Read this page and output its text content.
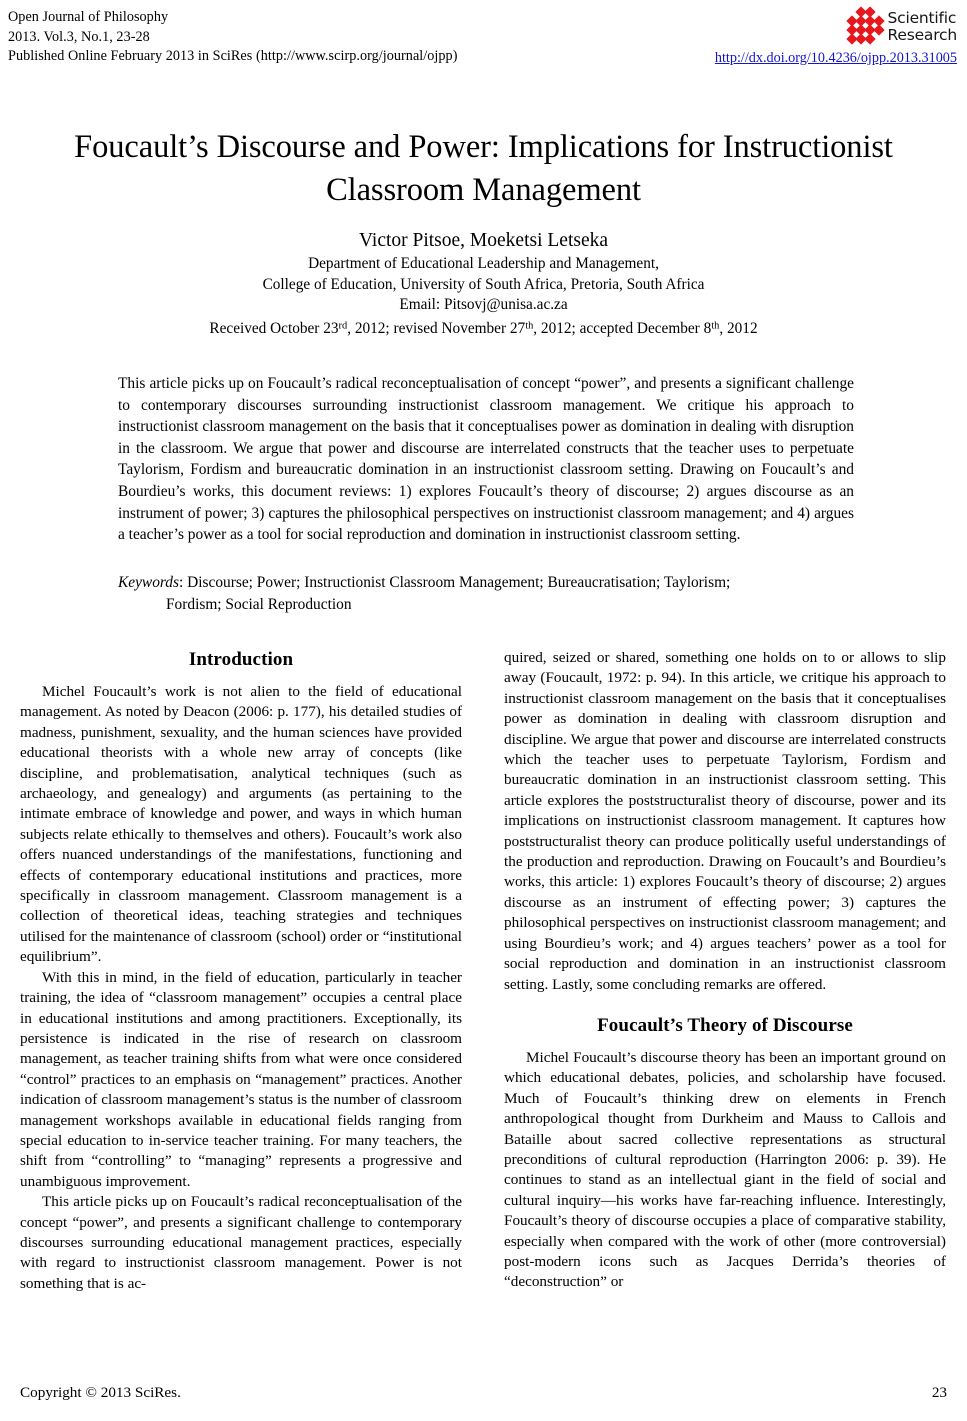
Open Journal of Philosophy
2013. Vol.3, No.1, 23-28
Published Online February 2013 in SciRes (http://www.scirp.org/journal/ojpp)
Scientific
Research
http://dx.doi.org/10.4236/ojpp.2013.31005
Foucault’s Discourse and Power: Implications for Instructionist Classroom Management
Victor Pitsoe, Moeketsi Letseka
Department of Educational Leadership and Management,
College of Education, University of South Africa, Pretoria, South Africa
Email: Pitsovj@unisa.ac.za
Received October 23rd, 2012; revised November 27th, 2012; accepted December 8th, 2012
This article picks up on Foucault’s radical reconceptualisation of concept “power”, and presents a significant challenge to contemporary discourses surrounding instructionist classroom management. We critique his approach to instructionist classroom management on the basis that it conceptualises power as domination in dealing with disruption in the classroom. We argue that power and discourse are interrelated constructs that the teacher uses to perpetuate Taylorism, Fordism and bureaucratic domination in an instructionist classroom setting. Drawing on Foucault’s and Bourdieu’s works, this document reviews: 1) explores Foucault’s theory of discourse; 2) argues discourse as an instrument of power; 3) captures the philosophical perspectives on instructionist classroom management; and 4) argues a teacher’s power as a tool for social reproduction and domination in instructionist classroom setting.
Keywords: Discourse; Power; Instructionist Classroom Management; Bureaucratisation; Taylorism;
Fordism; Social Reproduction
Introduction

Michel Foucault’s work is not alien to the field of educational management. As noted by Deacon (2006: p. 177), his detailed studies of madness, punishment, sexuality, and the human sciences have provided educational theorists with a whole new array of concepts (like discipline, and problematisation, analytical techniques (such as archaeology, and genealogy) and arguments (as pertaining to the intimate embrace of knowledge and power, and ways in which human subjects relate ethically to themselves and others). Foucault’s work also offers nuanced understandings of the manifestations, functioning and effects of contemporary educational institutions and practices, more specifically in classroom management. Classroom management is a collection of theoretical ideas, teaching strategies and techniques utilised for the maintenance of classroom (school) order or “institutional equilibrium”.

With this in mind, in the field of education, particularly in teacher training, the idea of “classroom management” occupies a central place in educational institutions and among practitioners. Exceptionally, its persistence is indicated in the rise of research on classroom management, as teacher training shifts from what were once considered “control” practices to an emphasis on “management” practices. Another indication of classroom management’s status is the number of classroom management workshops available in educational fields ranging from special education to in-service teacher training. For many teachers, the shift from “controlling” to “managing” represents a progressive and unambiguous improvement.

This article picks up on Foucault’s radical reconceptualisation of the concept “power”, and presents a significant challenge to contemporary discourses surrounding educational management practices, especially with regard to instructionist classroom management. Power is not something that is ac-

quired, seized or shared, something one holds on to or allows to slip away (Foucault, 1972: p. 94). In this article, we critique his approach to instructionist classroom management on the basis that it conceptualises power as domination in dealing with classroom disruption and discipline. We argue that power and discourse are interrelated constructs which the teacher uses to perpetuate Taylorism, Fordism and bureaucratic domination in an instructionist classroom setting. This article explores the poststructuralist theory of discourse, power and its implications on instructionist classroom management. It captures how poststructuralist theory can produce politically useful understandings of the production and reproduction. Drawing on Foucault’s and Bourdieu’s works, this article: 1) explores Foucault’s theory of discourse; 2) argues discourse as an instrument of effecting power; 3) captures the philosophical perspectives on instructionist classroom management; and using Bourdieu’s work; and 4) argues teachers’ power as a tool for social reproduction and domination in an instructionist classroom setting. Lastly, some concluding remarks are offered.

Foucault’s Theory of Discourse

Michel Foucault’s discourse theory has been an important ground on which educational debates, policies, and scholarship have focused. Much of Foucault’s thinking drew on elements in French anthropological thought from Durkheim and Mauss to Callois and Bataille about sacred collective representations as structural preconditions of cultural reproduction (Harrington 2006: p. 39). He continues to stand as an intellectual giant in the field of social and cultural inquiry—his works have far-reaching influence. Interestingly, Foucault’s theory of discourse occupies a place of comparative stability, especially when compared with the work of other (more controversial) post-modern icons such as Jacques Derrida’s theories of “deconstruction” or

Copyright © 2013 SciRes.	23
